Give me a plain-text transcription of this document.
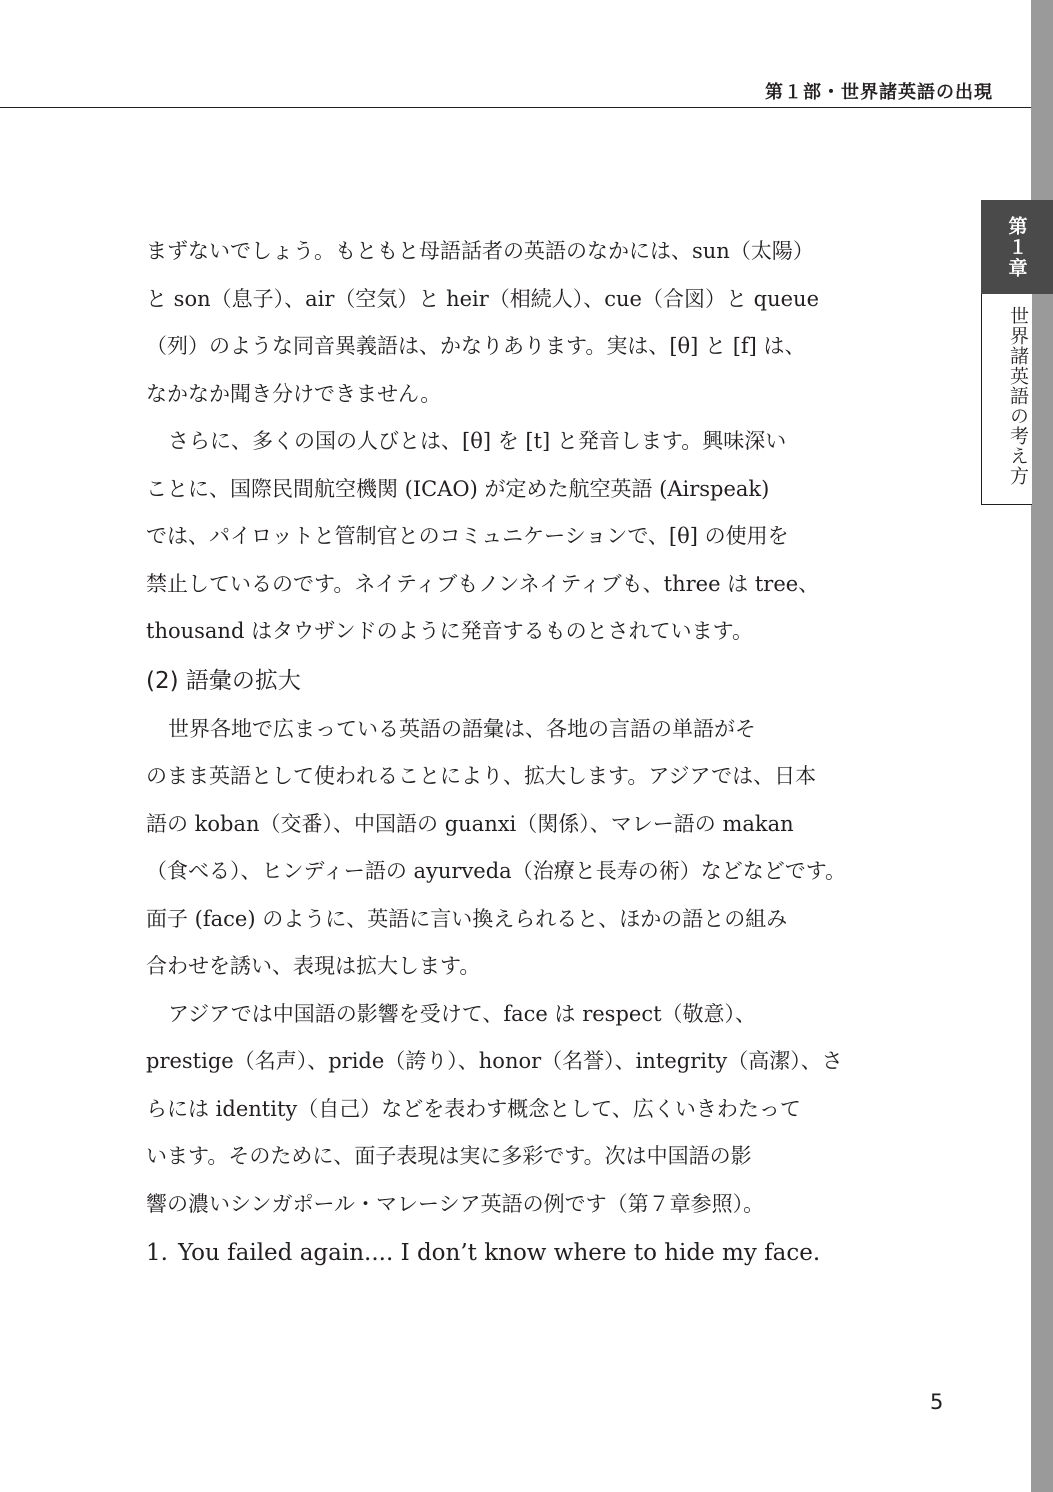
第１部・世界諸英語の出現
第１章
世界諸英語の考え方

まずないでしょう。もともと母語話者の英語のなかには、sun（太陽）
と son（息子）、air（空気）と heir（相続人）、cue（合図）と queue
（列）のような同音異義語は、かなりあります。実は、[θ] と [f] は、
なかなか聞き分けできません。

さらに、多くの国の人びとは、[θ] を [t] と発音します。興味深い
ことに、国際民間航空機関 (ICAO) が定めた航空英語 (Airspeak)
では、パイロットと管制官とのコミュニケーションで、[θ] の使用を
禁止しているのです。ネイティブもノンネイティブも、three は tree、
thousand はタウザンドのように発音するものとされています。

(2) 語彙の拡大

世界各地で広まっている英語の語彙は、各地の言語の単語がそ
のまま英語として使われることにより、拡大します。アジアでは、日本
語の koban（交番）、中国語の guanxi（関係）、マレー語の makan
（食べる）、ヒンディー語の ayurveda（治療と長寿の術）などなどです。
面子 (face) のように、英語に言い換えられると、ほかの語との組み
合わせを誘い、表現は拡大します。

アジアでは中国語の影響を受けて、face は respect（敬意）、
prestige（名声）、pride（誇り）、honor（名誉）、integrity（高潔）、さ
らには identity（自己）などを表わす概念として、広くいきわたって
います。そのために、面子表現は実に多彩です。次は中国語の影
響の濃いシンガポール・マレーシア英語の例です（第７章参照）。

1. You failed again.... I don’t know where to hide my face.
5
